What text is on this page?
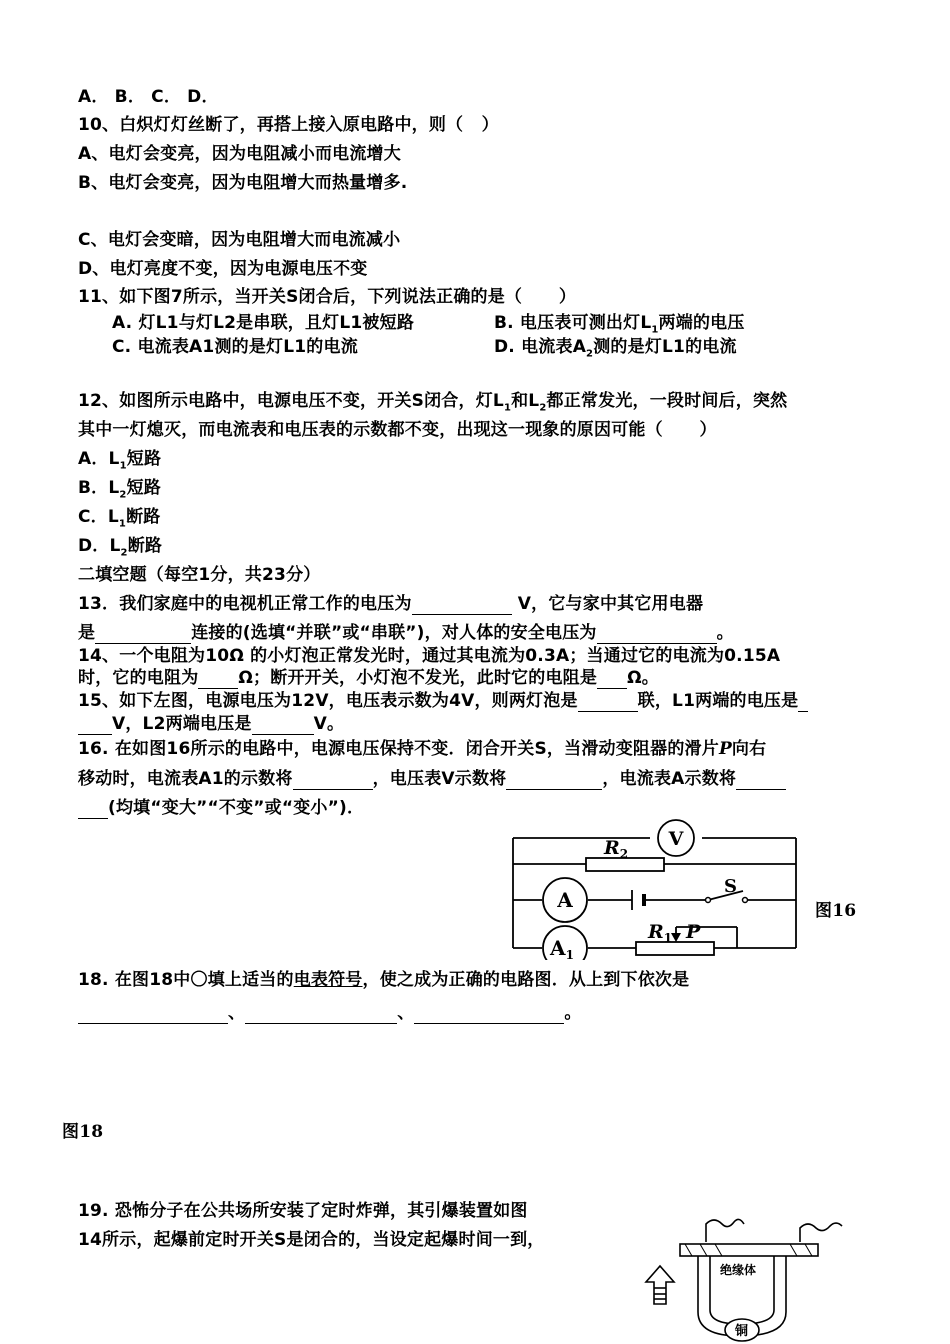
A． B． C． D．
10、白炽灯灯丝断了，再搭上接入原电路中，则（   ）
A、电灯会变亮，因为电阻减小而电流增大
B、电灯会变亮，因为电阻增大而热量增多.
C、电灯会变暗，因为电阻增大而电流减小
D、电灯亮度不变，因为电源电压不变
11、如下图7所示，当开关S闭合后，下列说法正确的是（      ）
A. 灯L1与灯L2是串联，且灯L1被短路	B. 电压表可测出灯$L_1$两端的电压
C. 电流表A1测的是灯L1的电流	D. 电流表$A_2$测的是灯L1的电流
12、如图所示电路中，电源电压不变，开关S闭合，灯$L_1$和$L_2$都正常发光，一段时间后，突然
其中一灯熄灭，而电流表和电压表的示数都不变，出现这一现象的原因可能（      ）
A．$L_1$短路
B．$L_2$短路
C．$L_1$断路
D．$L_2$断路
二填空题（每空1分，共23分）
13．我们家庭中的电视机正常工作的电压为	V，它与家中其它用电器
是	连接的(选填“并联”或“串联”)，对人体的安全电压为	。
14、一个电阻为10Ω 的小灯泡正常发光时，通过其电流为0.3A；当通过它的电流为0.15A
时，它的电阻为 Ω；断开开关，小灯泡不发光，此时它的电阻是 Ω。
15、如下左图，电源电压为12V，电压表示数为4V，则两灯泡是	联，L1两端的电压是
V，L2两端电压是	V。
16. 在如图16所示的电路中，电源电压保持不变．闭合开关S，当滑动变阻器的滑片P向右
移动时，电流表A1的示数将	，电压表V示数将	，电流表A示数将
(均填“变大”“不变”或“变小”)．
V
A
$A_1$
$R_2$
$R_1$ P
S
图16
18. 在图18中〇填上适当的电表符号，使之成为正确的电路图．从上到下依次是
、	、	。
图18
19. 恐怖分子在公共场所安装了定时炸弹，其引爆装置如图
14所示，起爆前定时开关S是闭合的，当设定起爆时间一到，
绝缘体
铜
